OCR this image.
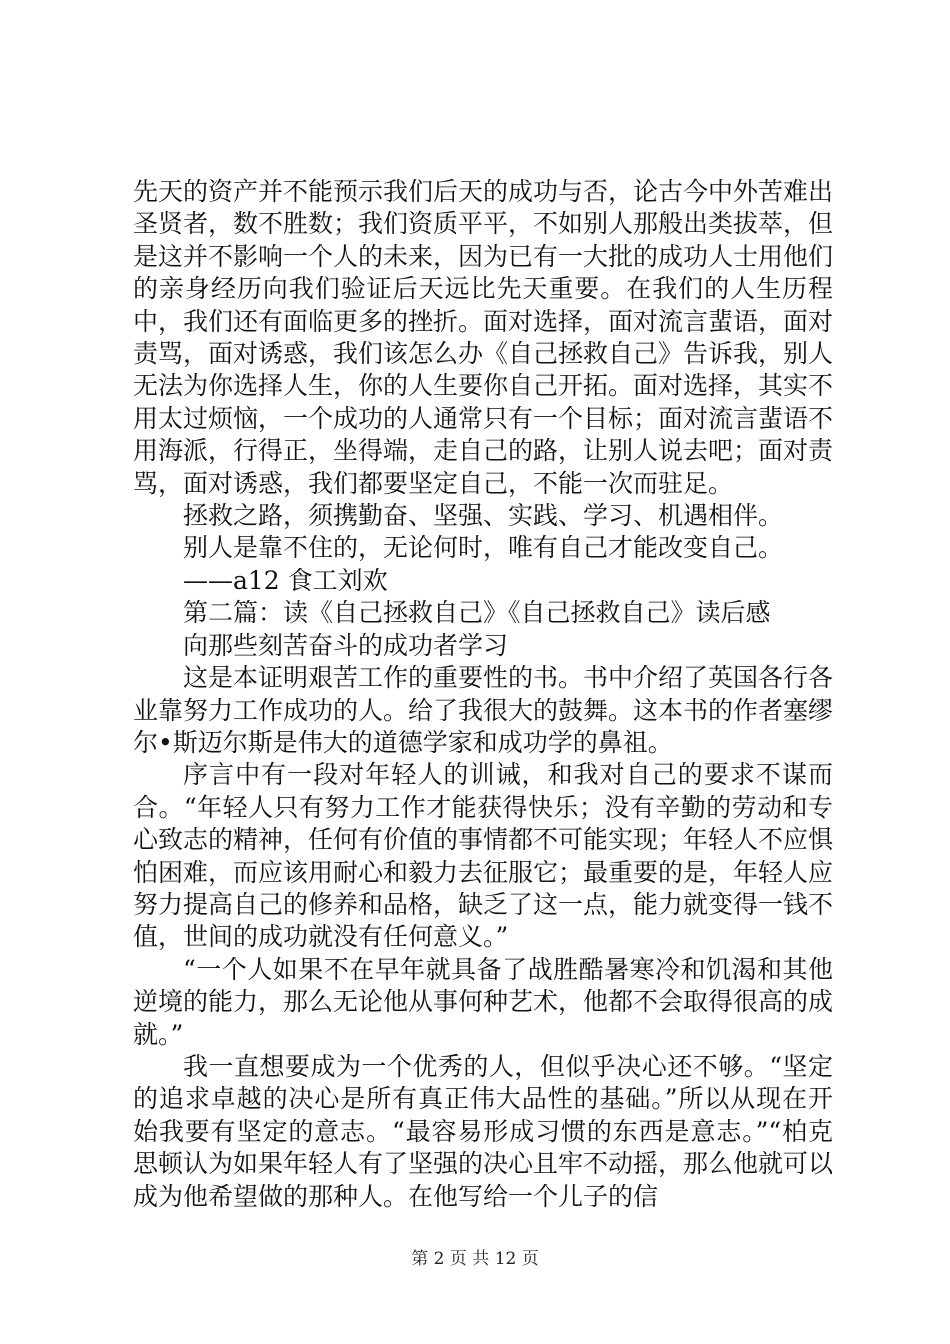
先天的资产并不能预示我们后天的成功与否，论古今中外苦难出圣贤者，数不胜数；我们资质平平，不如别人那般出类拔萃，但是这并不影响一个人的未来，因为已有一大批的成功人士用他们的亲身经历向我们验证后天远比先天重要。在我们的人生历程中，我们还有面临更多的挫折。面对选择，面对流言蜚语，面对责骂，面对诱惑，我们该怎么办《自己拯救自己》告诉我，别人无法为你选择人生，你的人生要你自己开拓。面对选择，其实不用太过烦恼，一个成功的人通常只有一个目标；面对流言蜚语不用海派，行得正，坐得端，走自己的路，让别人说去吧；面对责骂，面对诱惑，我们都要坚定自己，不能一次而驻足。

拯救之路，须携勤奋、坚强、实践、学习、机遇相伴。

别人是靠不住的，无论何时，唯有自己才能改变自己。

——a12 食工刘欢

第二篇：读《自己拯救自己》《自己拯救自己》读后感

向那些刻苦奋斗的成功者学习

这是本证明艰苦工作的重要性的书。书中介绍了英国各行各业靠努力工作成功的人。给了我很大的鼓舞。这本书的作者塞缪尔•斯迈尔斯是伟大的道德学家和成功学的鼻祖。

序言中有一段对年轻人的训诫，和我对自己的要求不谋而合。“年轻人只有努力工作才能获得快乐；没有辛勤的劳动和专心致志的精神，任何有价值的事情都不可能实现；年轻人不应惧怕困难，而应该用耐心和毅力去征服它；最重要的是，年轻人应努力提高自己的修养和品格，缺乏了这一点，能力就变得一钱不值，世间的成功就没有任何意义。”

“一个人如果不在早年就具备了战胜酷暑寒冷和饥渴和其他逆境的能力，那么无论他从事何种艺术，他都不会取得很高的成就。”

我一直想要成为一个优秀的人，但似乎决心还不够。“坚定的追求卓越的决心是所有真正伟大品性的基础。”所以从现在开始我要有坚定的意志。“最容易形成习惯的东西是意志。”“柏克思顿认为如果年轻人有了坚强的决心且牢不动摇，那么他就可以成为他希望做的那种人。在他写给一个儿子的信

第 2 页 共 12 页
